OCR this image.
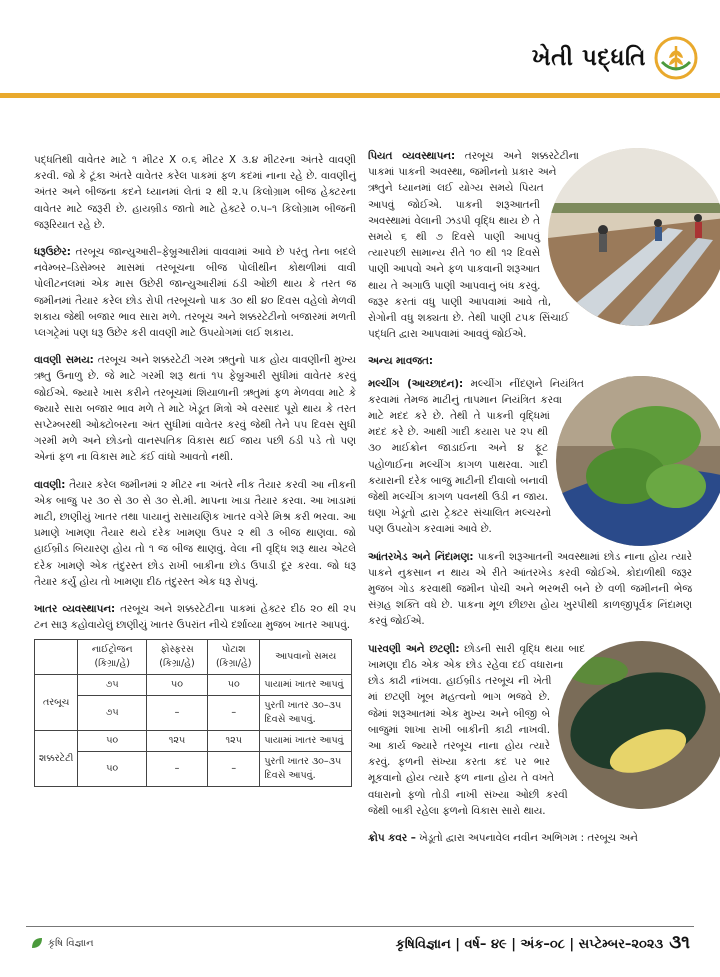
ખેતી પદ્ધતિ

પદ્ધતિથી વાવેતર માટે ૧ મીટર X ૦.૬ મીટર X ૩.૪ મીટરના અંતરે વાવણી કરવી. જો કે ટૂંકા અંતરે વાવેતર કરેલ પાકમાં ફળ કદમાં નાના રહે છે. વાવણીનું અંતર અને બીજના કદને ધ્યાનમાં લેતાં ૨ થી ૨.૫ કિલોગ્રામ બીજ હેક્ટરના વાવેતર માટે જરૂરી છે. હાયબ્રીડ જાતો માટે હેક્ટરે ૦.૫–૧ કિલોગ્રામ બીજની જરૂરિયાત રહે છે.

ધરૂઉછેર: તરબૂચ જાન્યુઆરી–ફેબ્રુઆરીમાં વાવવામાં આવે છે પરંતુ તેના બદલે નવેમ્બર–ડિસેમ્બર માસમાં તરબૂચના બીજ પોલીથીન કોથળીમાં વાવી પોલીટનલમાં એક માસ ઉછેરી જાન્યુઆરીમાં ઠંડી ઓછી થાય કે તરત જ જમીનમાં તૈયાર કરેલ છોડ રોપી તરબૂચનો પાક ૩૦ થી ૪૦ દિવસ વહેલો મેળવી શકાય જેથી બજાર ભાવ સારા મળે. તરબૂચ અને શક્કરટેટીનો બજારમાં મળતી પ્લગટ્રેમાં પણ ધરૂ ઉછેર કરી વાવણી માટે ઉપયોગમાં લઈ શકાય.

વાવણી સમય: તરબૂચ અને શક્કરટેટી ગરમ ઋતુનો પાક હોય વાવણીની મુખ્ય ઋતુ ઉનાળુ છે. જે માટે ગરમી શરૂ થતાં ૧૫ ફેબ્રુઆરી સુધીમાં વાવેતર કરવું જોઈએ. જ્યારે ખાસ કરીને તરબૂચમાં શિયાળાની ઋતુમાં ફળ મેળવવા માટે કે જ્યારે સારા બજાર ભાવ મળે તે માટે ખેડૂત મિત્રો એ વરસાદ પૂરો થાય કે તરત સપ્ટેમ્બરથી ઓક્ટોબરના અંત સુધીમાં વાવેતર કરવું જેથી તેને ૫૫ દિવસ સુધી ગરમી મળે અને છોડનો વાનસ્પતિક વિકાસ થઈ જાય પછી ઠંડી પડે તો પણ એનાં ફળ ના વિકાસ માટે કંઈ વાંધો આવતો નથી.

વાવણી: તૈયાર કરેલ જમીનમાં ૨ મીટર ના અંતરે નીક તૈયાર કરવી આ નીકની એક બાજુ પર ૩૦ સે ૩૦ સે ૩૦ સે.મી. માપના ખાડા તૈયાર કરવા. આ ખાડામાં માટી, છાણીયું ખાતર તથા પાયાનું રાસાયણિક ખાતર વગેરે મિશ્ર કરી ભરવા. આ પ્રમાણે ખામણા તૈયાર થયે દરેક ખામણા ઉપર ૨ થી ૩ બીજ થાણવા. જો હાઈબ્રીડ બિયારણ હોય તો ૧ જ બીજ થાણવું. વેલા ની વૃદ્ધિ શરૂ થાય એટલે દરેક ખામણે એક તંદુરસ્ત છોડ રાખી બાકીના છોડ ઉપાડી દૂર કરવા. જો ધરૂ તૈયાર કર્યું હોય તો ખામણા દીઠ તંદુરસ્ત એક ધરૂ રોપવું.

ખાતર વ્યવસ્થાપન: તરબૂચ અને શક્કરટેટીના પાકમાં હેક્ટર દીઠ ૨૦ થી ૨૫ ટન સારૂ કહોવાયેલું છાણીયું ખાતર ઉપરાંત નીચે દર્શાવ્યા મુજબ ખાતર આપવું.

	નાઈટ્રોજન (કિગ્રા/હે)	ફોસ્ફરસ (કિગ્રા/હે)	પોટાશ (કિગ્રા/હે)	આપવાનો સમય
તરબૂચ	૭૫	૫૦	૫૦	પાયામાં ખાતર આપવું
	૭૫	–	–	પુરતી ખાતર ૩૦–૩૫ દિવસે આપવું.
શક્કરટેટી	૫૦	૧૨૫	૧૨૫	પાયામાં ખાતર આપવું
	૫૦	–	–	પુરતી ખાતર ૩૦–૩૫ દિવસે આપવું.

પિયત વ્યવસ્થાપન: તરબૂચ અને શક્કરટેટીના પાકમાં પાકની અવસ્થા, જમીનનો પ્રકાર અને ઋતુને ધ્યાનમાં લઈ યોગ્ય સમયે પિયત આપવું જોઈએ. પાકની શરૂઆતની અવસ્થામાં વેલાની ઝડપી વૃદ્ધિ થાય છે તે સમયે ૬ થી ૭ દિવસે પાણી આપવું ત્યારપછી સામાન્ય રીતે ૧૦ થી ૧૨ દિવસે પાણી આપવો અને ફળ પાકવાની શરૂઆત થાય તે અગાઉ પાણી આપવાનું બંધ કરવું. જરૂર કરતાં વધુ પાણી આપવામાં આવે તો, રોગોની વધુ શક્યતા છે. તેથી પાણી ટપક સિંચાઈ પદ્ધતિ દ્વારા આપવામાં આવવું જોઈએ.

અન્ય માવજત:

મલ્ચીંગ (આચ્છાદન): મલ્ચીંગ નીંદણને નિયંત્રિત કરવામાં તેમજ માટીનું તાપમાન નિયંત્રિત કરવા માટે મદદ કરે છે. તેથી તે પાકની વૃદ્ધિમાં મદદ કરે છે. આથી ગાદી કયારા પર ૨૫ થી ૩૦ માઈક્રોન જાડાઈના અને ૪ ફૂટ પહોળાઈના મલ્ચીંગ કાગળ પાથરવા. ગાદી કયારાની દરેક બાજુ માટીની દીવાલો બનાવી જેથી મલ્ચીંગ કાગળ પવનથી ઉડી ન જાય. ઘણા ખેડૂતો દ્વારા ટ્રેક્ટર સંચાલિત મલ્ચરનો પણ ઉપયોગ કરવામાં આવે છે.

આંતરખેડ અને નિંદામણ: પાકની શરૂઆતની અવસ્થામાં છોડ નાના હોય ત્યારે પાકને નુકસાન ન થાય એ રીતે આંતરખેડ કરવી જોઈએ. કોદાળીથી જરૂર મુજબ ગોડ કરવાથી જમીન પોચી અને ભરભરી બને છે વળી જમીનની ભેજ સંગ્રહ શક્તિ વધે છે. પાકના મૂળ છીછરા હોય ખુરપીથી કાળજીપૂર્વક નિંદામણ કરવું જોઈએ.

પારવણી અને છટણી: છોડની સારી વૃદ્ધિ થયા બાદ ખામણા દીઠ એક એક છોડ રહેવા દઈ વધારાના છોડ કાઢી નાંખવા. હાઈબ્રીડ તરબૂચ ની ખેતી માં છટણી ખૂબ મહત્વનો ભાગ ભજવે છે. જેમાં શરૂઆતમાં એક મુખ્ય અને બીજી બે બાજુમાં શાખા રાખી બાકીની કાઢી નાખવી. આ કાર્ય જ્યારે તરબૂચ નાના હોય ત્યારે કરવું. ફળની સંખ્યા કરતા કદ પર ભાર મૂકવાનો હોય ત્યારે ફળ નાના હોય તે વખતે વધારાનો ફળો તોડી નાખી સંખ્યા ઓછી કરવી જેથી બાકી રહેલા ફળનો વિકાસ સારો થાય.

ક્રોપ કવર – ખેડૂતો દ્વારા અપનાવેલ નવીન અભિગમ : તરબૂચ અને

કૃષિ વિજ્ઞાન	કૃષિવિજ્ઞાન | વર્ષ– ૪૯ | અંક–૦૮ | સપ્ટેમ્બર–૨૦૨૩ ૩૧
